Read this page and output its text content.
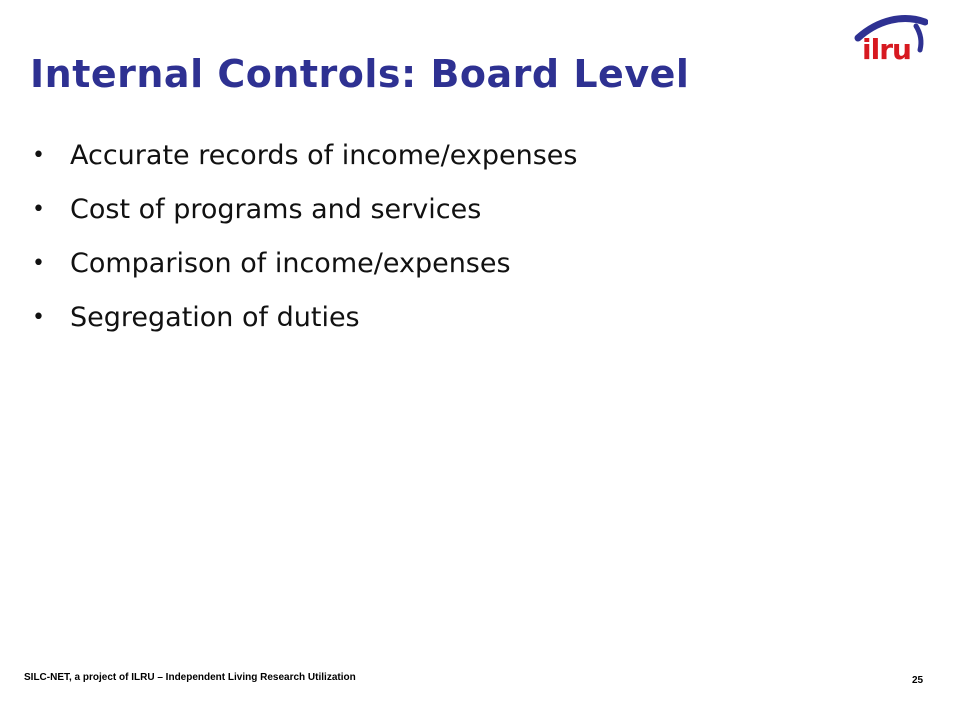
Internal Controls: Board Level
ilru
• Accurate records of income/expenses
• Cost of programs and services
• Comparison of income/expenses
• Segregation of duties
SILC-NET, a project of ILRU – Independent Living Research Utilization	25
